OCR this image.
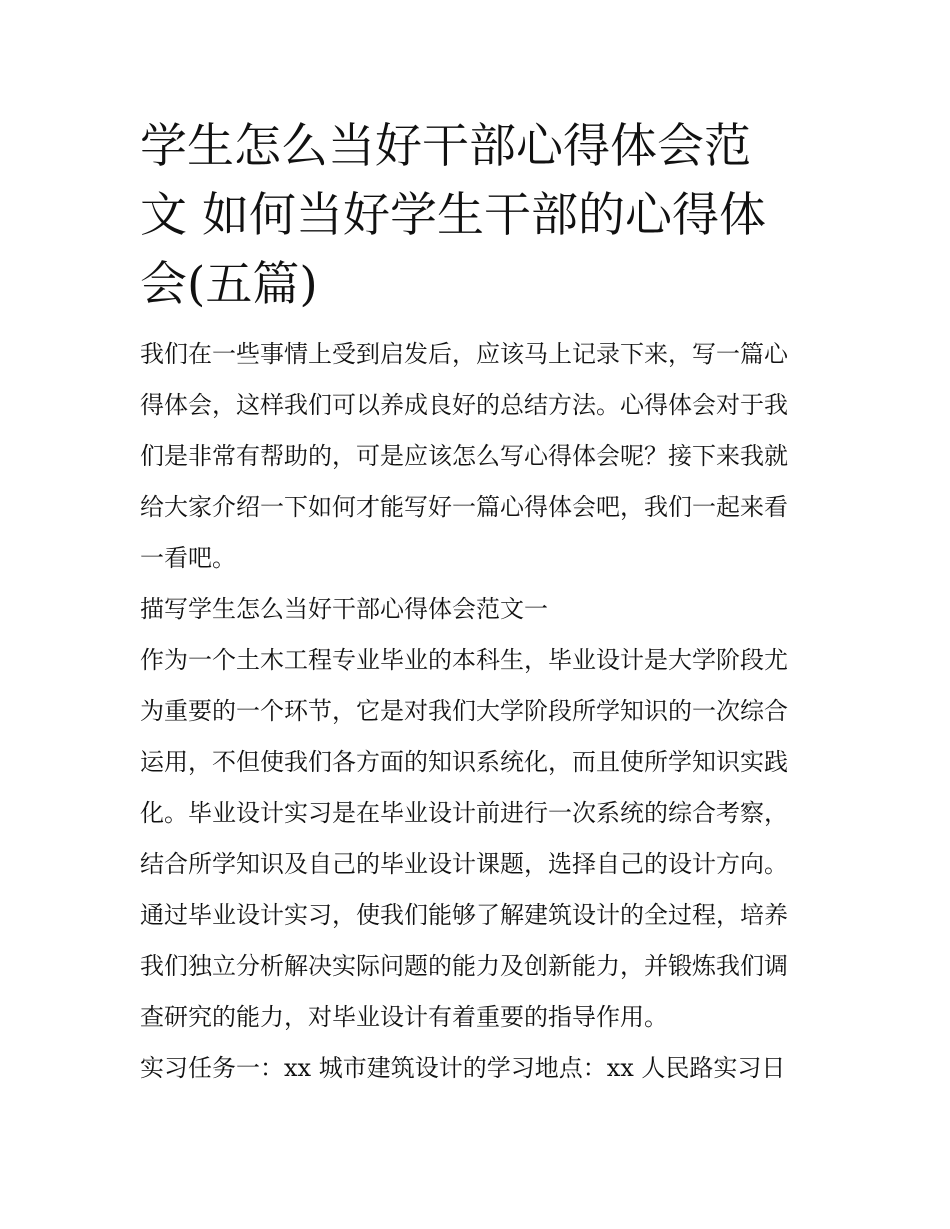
学生怎么当好干部心得体会范
文 如何当好学生干部的心得体
会(五篇)

我们在一些事情上受到启发后，应该马上记录下来，写一篇心
得体会，这样我们可以养成良好的总结方法。心得体会对于我
们是非常有帮助的，可是应该怎么写心得体会呢？接下来我就
给大家介绍一下如何才能写好一篇心得体会吧，我们一起来看
一看吧。

描写学生怎么当好干部心得体会范文一

作为一个土木工程专业毕业的本科生，毕业设计是大学阶段尤
为重要的一个环节，它是对我们大学阶段所学知识的一次综合
运用，不但使我们各方面的知识系统化，而且使所学知识实践
化。毕业设计实习是在毕业设计前进行一次系统的综合考察，
结合所学知识及自己的毕业设计课题，选择自己的设计方向。
通过毕业设计实习，使我们能够了解建筑设计的全过程，培养
我们独立分析解决实际问题的能力及创新能力，并锻炼我们调
查研究的能力，对毕业设计有着重要的指导作用。

实习任务一：xx 城市建筑设计的学习地点：xx 人民路实习日
